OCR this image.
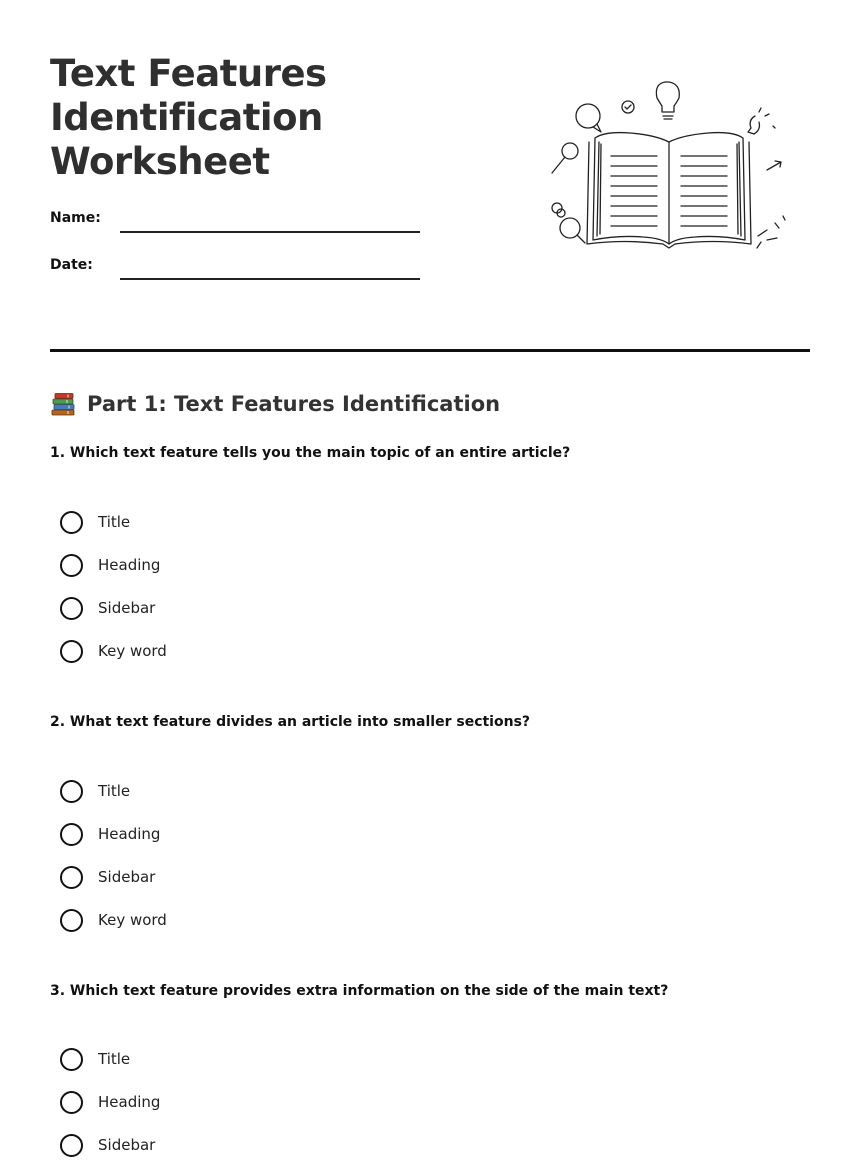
Text Features
Identification
Worksheet
Name:
Date:
Part 1: Text Features Identification
1. Which text feature tells you the main topic of an entire article?
Title
Heading
Sidebar
Key word
2. What text feature divides an article into smaller sections?
Title
Heading
Sidebar
Key word
3. Which text feature provides extra information on the side of the main text?
Title
Heading
Sidebar
